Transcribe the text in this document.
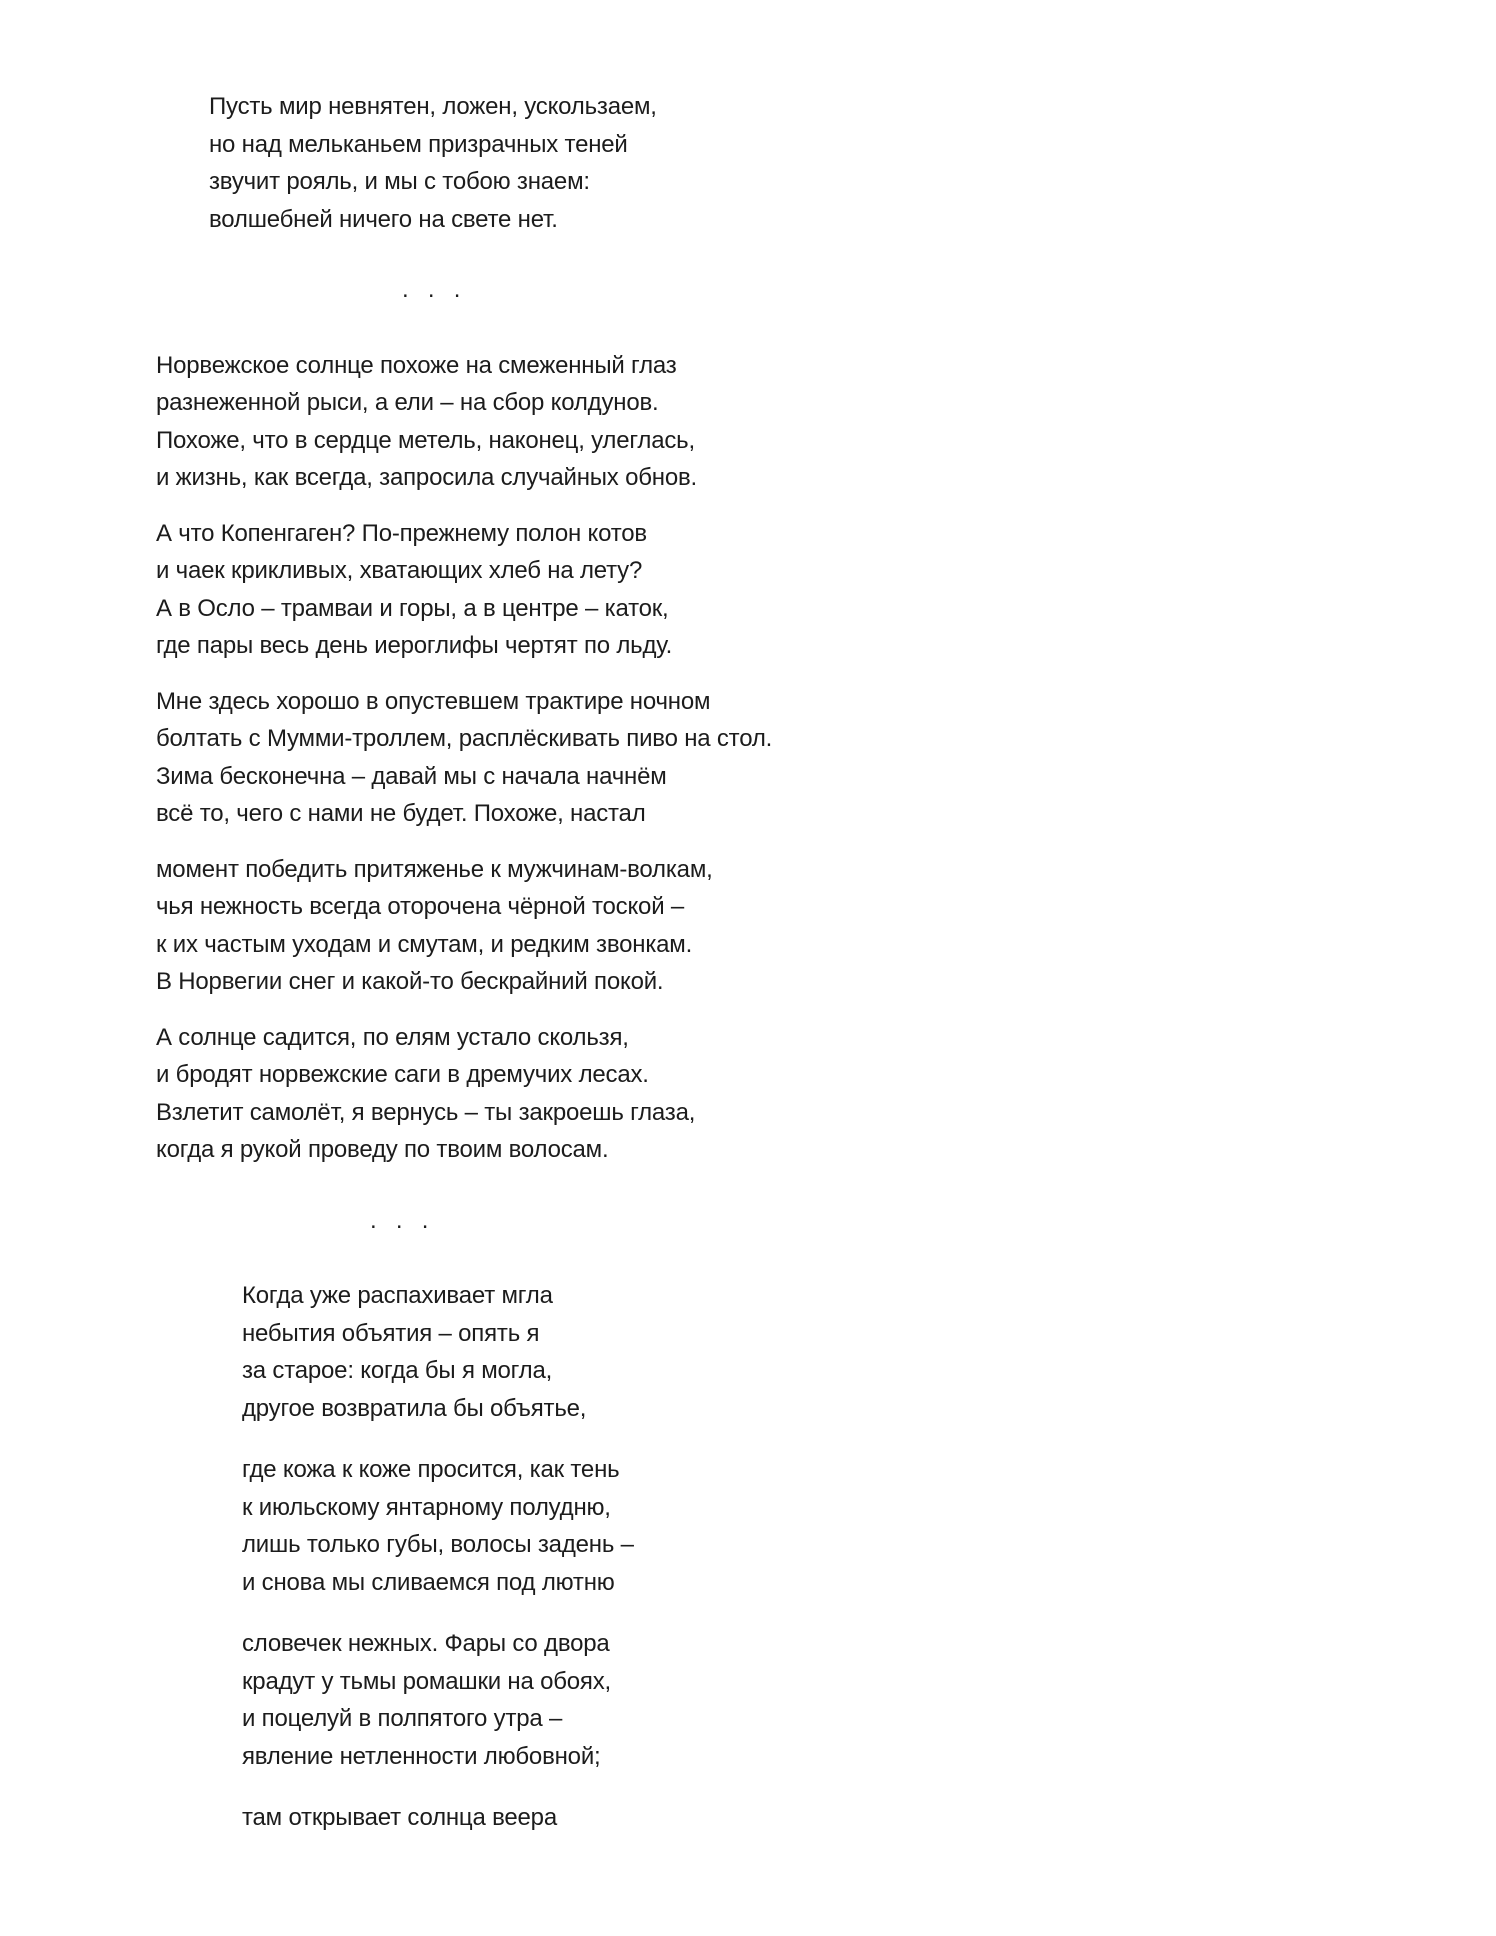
Пусть мир невнятен, ложен, ускользаем,
но над мельканьем призрачных теней
звучит рояль, и мы с тобою знаем:
волшебней ничего на свете нет.
.   .   .
Норвежское солнце похоже на смеженный глаз
разнеженной рыси, а ели – на сбор колдунов.
Похоже, что в сердце метель, наконец, улеглась,
и жизнь, как всегда, запросила случайных обнов.
А что Копенгаген? По-прежнему полон котов
и чаек крикливых, хватающих хлеб на лету?
А в Осло – трамваи и горы, а в центре – каток,
где пары весь день иероглифы чертят по льду.
Мне здесь хорошо в опустевшем трактире ночном
болтать с Мумми-троллем, расплёскивать пиво на стол.
Зима бесконечна – давай мы с начала начнём
всё то, чего с нами не будет. Похоже, настал
момент победить притяженье к мужчинам-волкам,
чья нежность всегда оторочена чёрной тоской –
к их частым уходам и смутам, и редким звонкам.
В Норвегии снег и какой-то бескрайний покой.
А солнце садится, по елям устало скользя,
и бродят норвежские саги в дремучих лесах.
Взлетит самолёт, я вернусь – ты закроешь глаза,
когда я рукой проведу по твоим волосам.
.   .   .
Когда уже распахивает мгла
небытия объятия – опять я
за старое: когда бы я могла,
другое возвратила бы объятье,
где кожа к коже просится, как тень
к июльскому янтарному полудню,
лишь только губы, волосы задень –
и снова мы сливаемся под лютню
словечек нежных. Фары со двора
крадут у тьмы ромашки на обоях,
и поцелуй в полпятого утра –
явление нетленности любовной;
там открывает солнца веера
